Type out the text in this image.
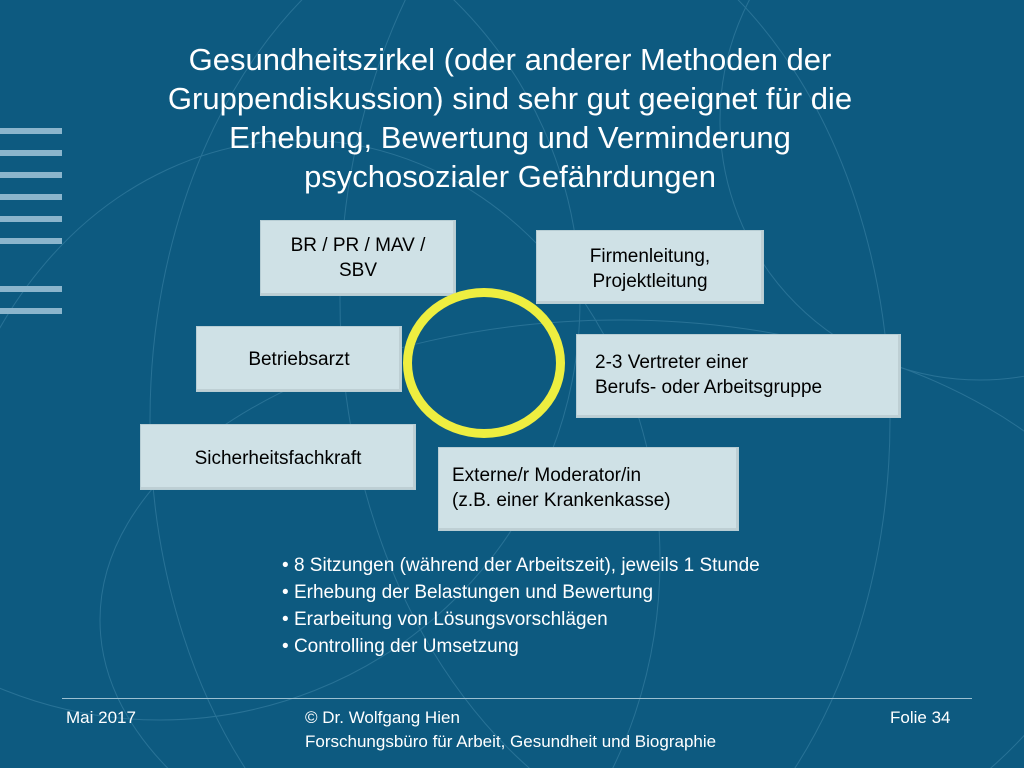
Gesundheitszirkel (oder anderer Methoden der
Gruppendiskussion) sind sehr gut geeignet für die
Erhebung, Bewertung und Verminderung
psychosozialer Gefährdungen
BR / PR / MAV /
SBV
Firmenleitung,
Projektleitung
Betriebsarzt	2-3 Vertreter einer
Berufs- oder Arbeitsgruppe
Sicherheitsfachkraft
Externe/r Moderator/in
(z.B. einer Krankenkasse)
• 8 Sitzungen (während der Arbeitszeit), jeweils 1 Stunde
• Erhebung der Belastungen und Bewertung
• Erarbeitung von Lösungsvorschlägen
• Controlling der Umsetzung
Mai 2017	© Dr. Wolfgang Hien
Forschungsbüro für Arbeit, Gesundheit und Biographie
Folie 34
